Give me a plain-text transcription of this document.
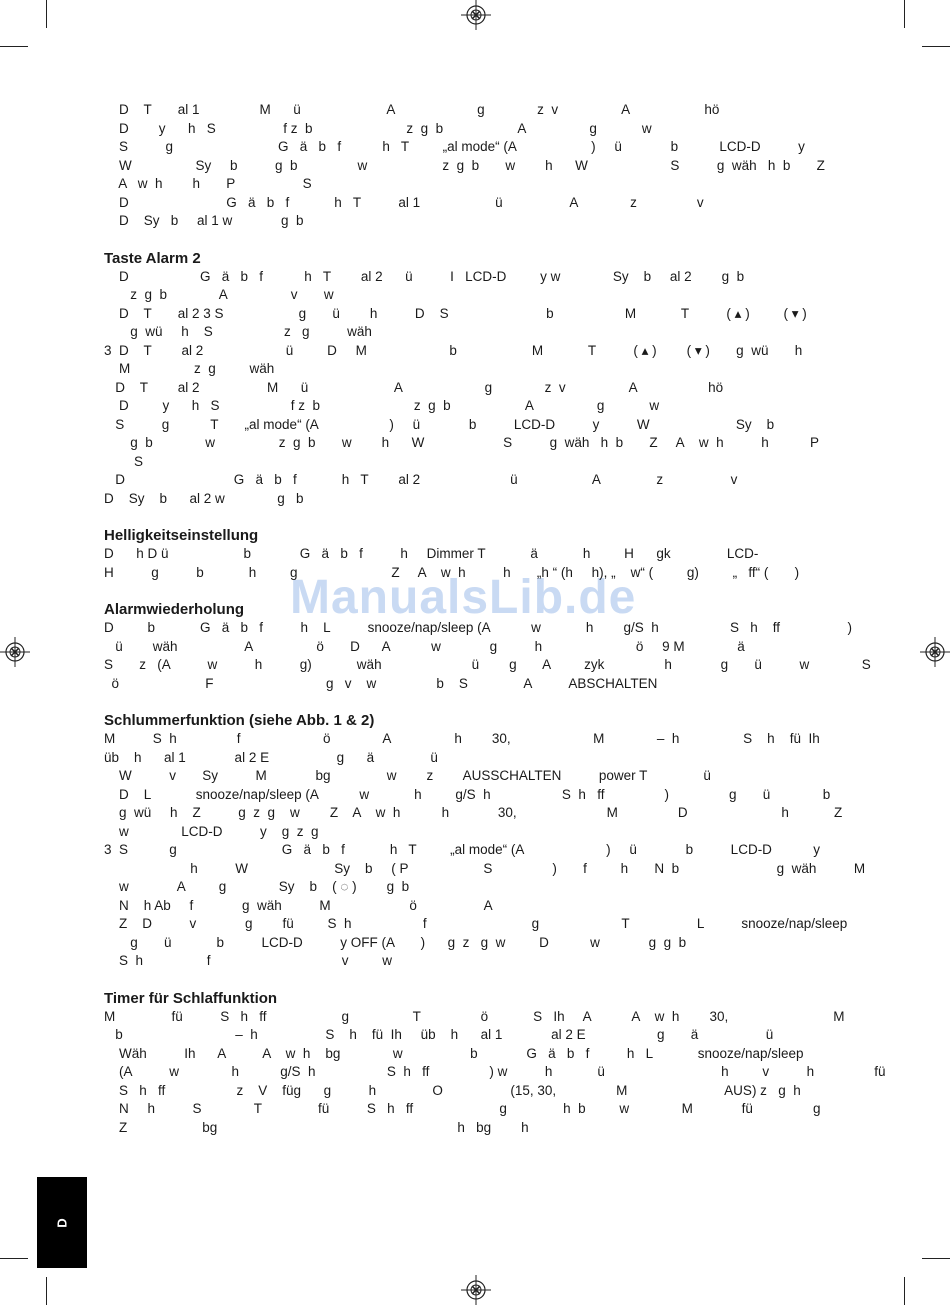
ManualsLib.de
D    T       al 1                M      ü                       A                      g              z  v                 A                    hö
D        y      h   S                  f z  b                         z  g  b                    A                 g            w
S          g                            G   ä   b   f           h   T         „al mode“ (A                    )     ü             b           LCD-D          y
W                 Sy     b          g  b                w                    z  g  b       w        h      W                      S          g  wäh   h  b       Z
A   w  h        h       P                  S
D                          G   ä   b   f            h   T          al 1                    ü                  A              z                v
D    Sy   b     al 1 w             g  b
Taste Alarm 2
D                   G   ä   b   f           h   T        al 2      ü          I   LCD-D         y w              Sy    b     al 2        g  b
z  g  b              A                 v       w
D    T       al 2 3 S                    g       ü        h          D    S                          b                   M            T          ( ▴ )         ( ▾ )
g  wü     h    S                   z   g          wäh
3  D    T        al 2                      ü         D     M                      b                    M            T          ( ▴ )        ( ▾ )       g  wü       h
M                 z  g         wäh
D    T        al 2                  M      ü                       A                      g              z  v                 A                   hö
D         y      h   S                   f z  b                         z  g  b                    A                 g            w
S          g           T       „al mode“ (A                   )     ü             b          LCD-D          y          W                       Sy    b
g  b              w                 z  g  b       w        h      W                     S          g  wäh   h  b       Z     A    w  h          h           P
S
D                             G   ä   b   f            h   T        al 2                        ü                    A               z                  v
D    Sy    b      al 2 w              g   b
Helligkeitseinstellung
D      h D ü                    b             G   ä   b   f          h     Dimmer T            ä            h         H      gk               LCD-
H          g          b            h         g                         Z     A    w  h          h       „h “ (h     h), „    w“ (         g)         „   ff“ (       )
Alarmwiederholung
D         b            G   ä   b   f          h    L          snooze/nap/sleep (A           w            h        g/S  h                   S   h    ff                  )
ü        wäh                  A                 ö       D      A           w             g          h                         ö     9 M              ä
S       z   (A          w          h          g)            wäh                        ü        g       A         zyk                h             g       ü          w              S
ö                       F                              g   v    w                b    S               A          ABSCHALTEN
Schlummerfunktion (siehe Abb. 1 & 2)
M          S  h                f                      ö              A                 h        30,                      M              –  h                 S    h    fü  Ih
üb    h      al 1             al 2 E                  g      ä               ü
W          v       Sy          M             bg               w        z        AUSSCHALTEN          power T               ü
D    L            snooze/nap/sleep (A           w            h         g/S  h                   S  h   ff                )                g       ü              b
g  wü     h    Z          g  z  g    w        Z    A    w  h           h             30,                        M                D                         h            Z
w              LCD-D          y    g  z  g
3  S           g                            G   ä   b   f            h   T         „al mode“ (A                      )     ü             b          LCD-D           y
h          W                       Sy    b     ( P                    S                )       f         h       N  b                          g  wäh          M
w             A         g              Sy    b    ( ◌ )        g  b
N    h Ab     f             g  wäh          M                     ö                  A
Z    D          v             g        fü         S  h                   f                            g                      T                  L          snooze/nap/sleep
g       ü            b          LCD-D          y OFF (A       )      g  z   g  w         D           w             g  g  b
S  h                 f                                   v         w
Timer für Schlaffunktion
M               fü          S   h   ff                    g                 T                ö            S   Ih     A           A    w  h        30,                            M
b                              –  h                  S    h    fü  Ih     üb    h      al 1             al 2 E                   g       ä                  ü
Wäh          Ih      A          A    w  h    bg              w                  b             G   ä   b   f          h   L            snooze/nap/sleep
(A          w              h           g/S  h                   S  h   ff                ) w          h            ü                               h         v          h                fü
S   h   ff                   z    V    füg      g          h               O                  (15, 30,                M                          AUS) z   g  h
N     h          S              T               fü          S   h   ff                       g               h  b         w              M             fü                g
Z                    bg                                                                h   bg        h
D
